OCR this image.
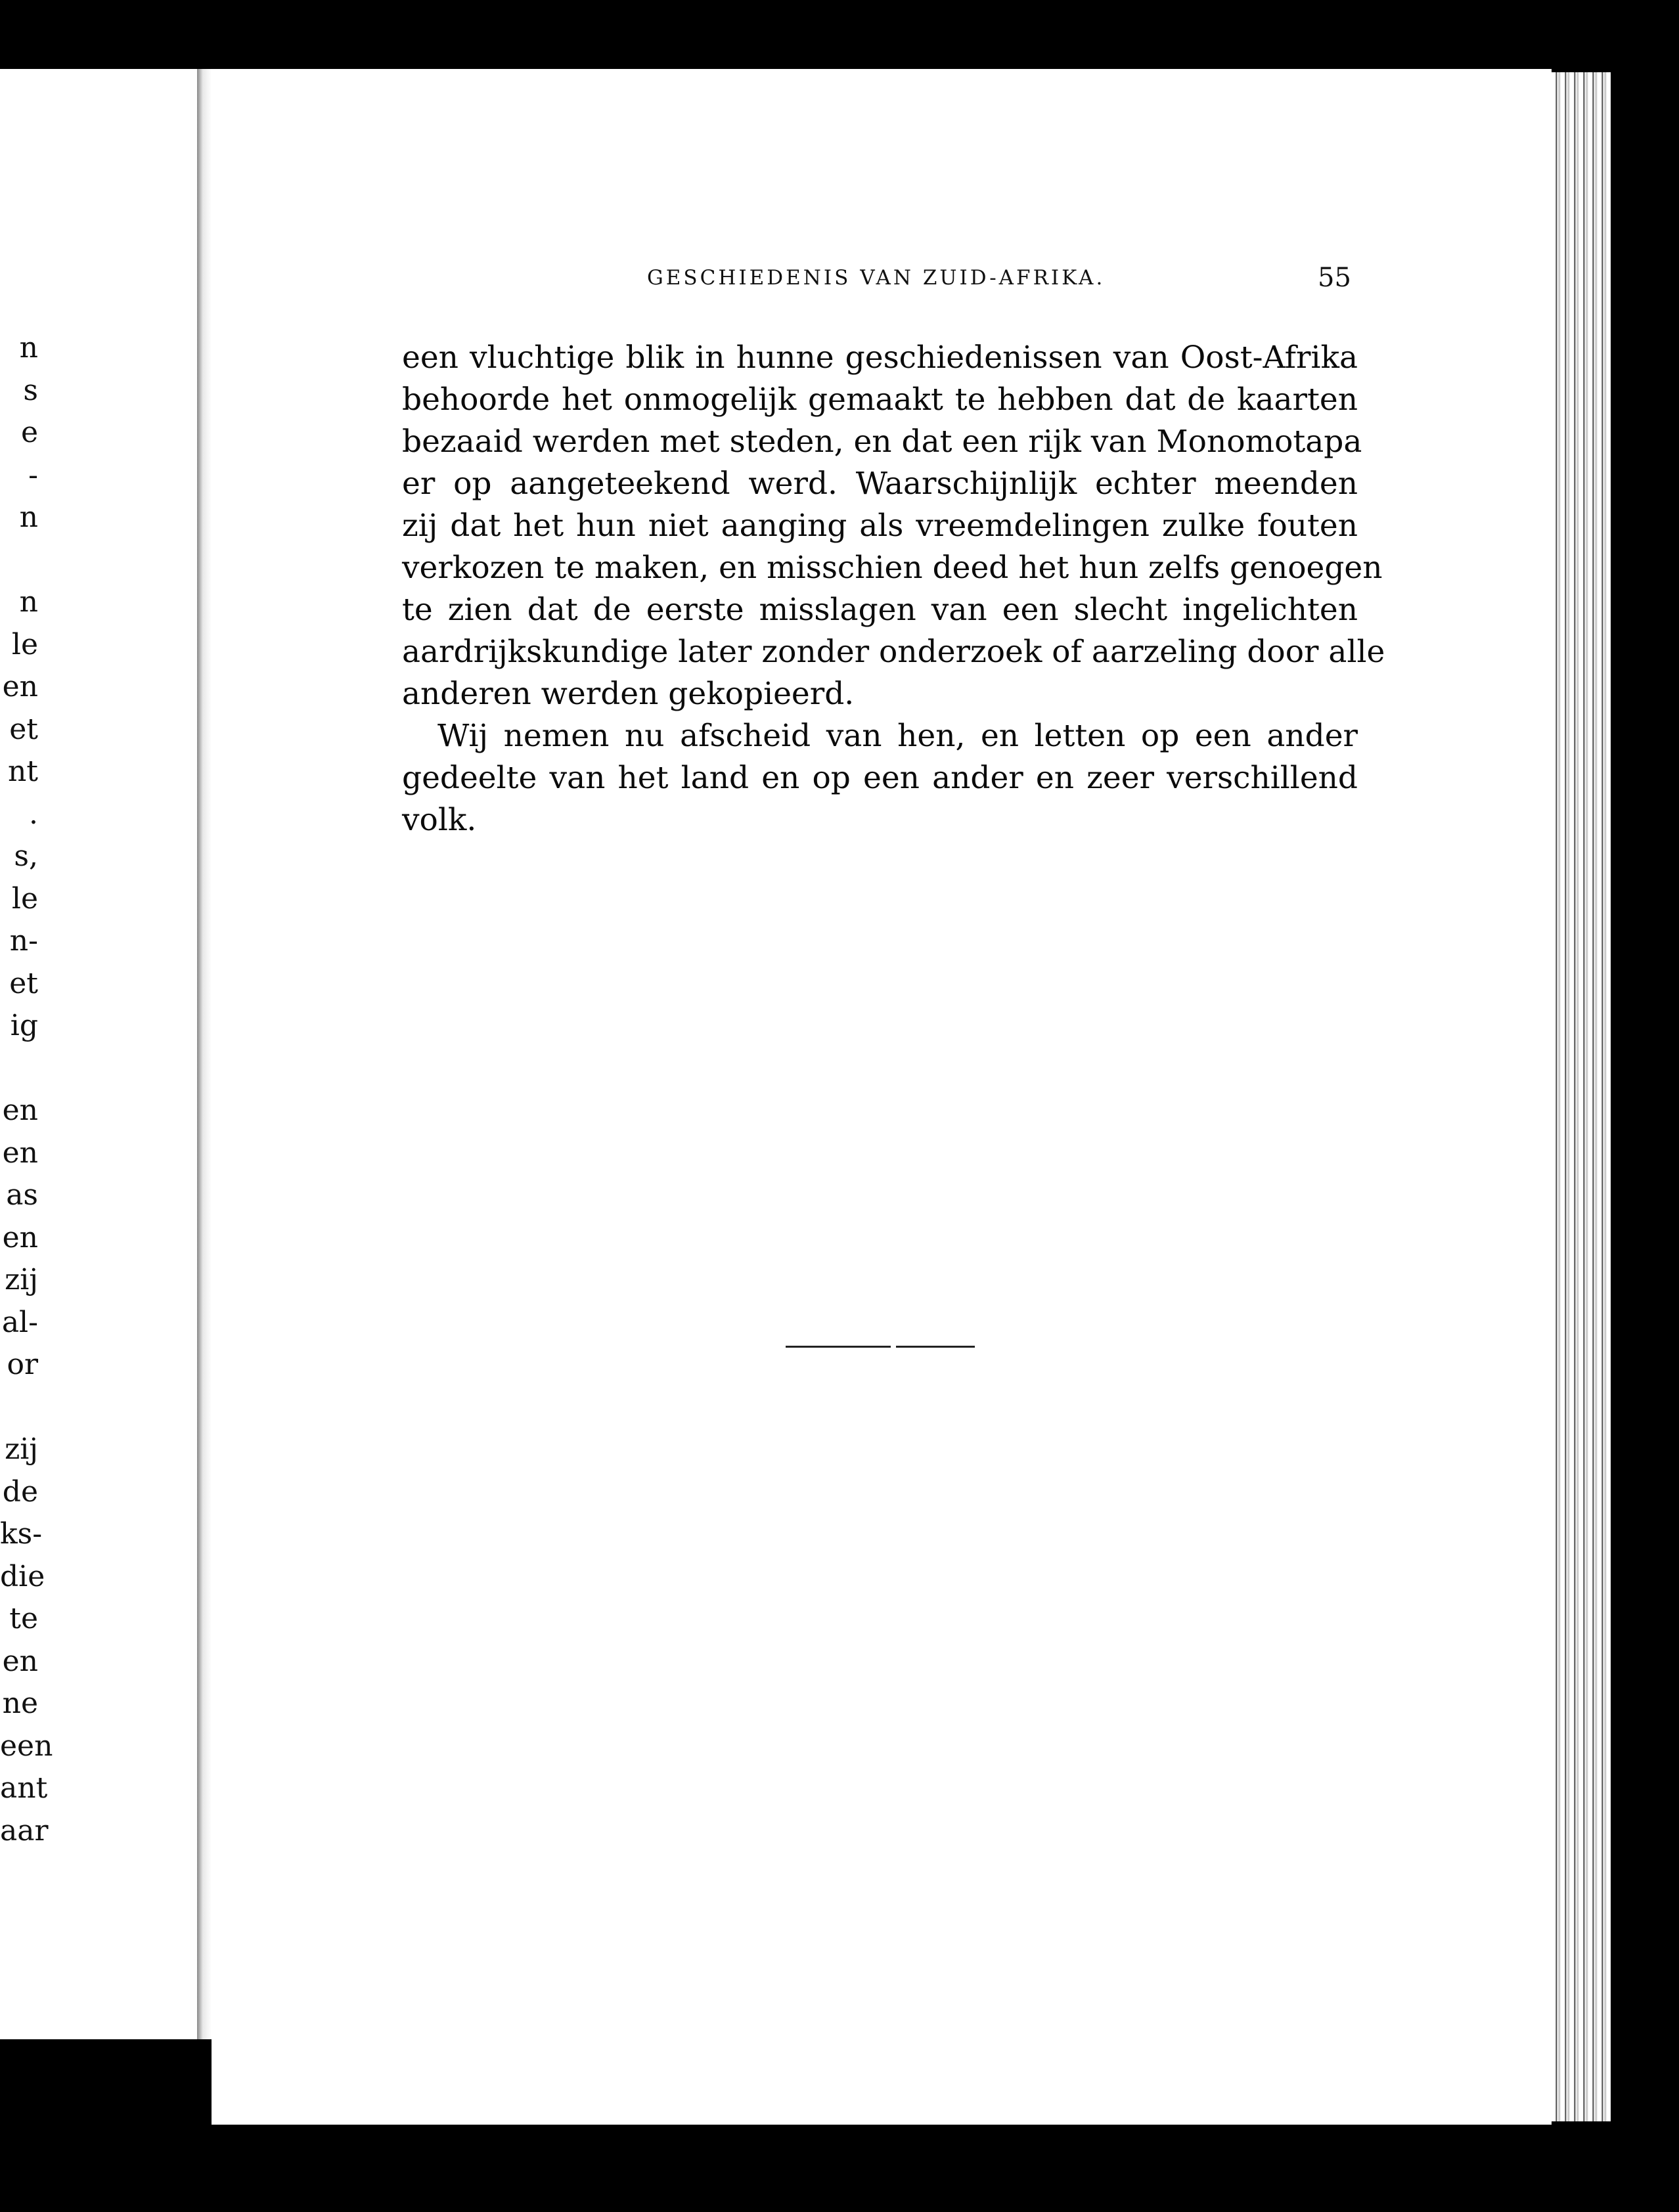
n
s
e
-
n
n
le
en
et
nt
.
s,
le
n-
et
ig
en
en
as
en
zij
al-
or
zij
de
ks-
die
te
en
ne
een
ant
aar
GESCHIEDENIS VAN ZUID-AFRIKA.	55
een vluchtige blik in hunne geschiedenissen van Oost-Afrika
behoorde het onmogelijk gemaakt te hebben dat de kaarten
bezaaid werden met steden, en dat een rijk van Monomotapa
er op aangeteekend werd. Waarschijnlijk echter meenden
zij dat het hun niet aanging als vreemdelingen zulke fouten
verkozen te maken, en misschien deed het hun zelfs genoegen
te zien dat de eerste misslagen van een slecht ingelichten
aardrijkskundige later zonder onderzoek of aarzeling door alle
anderen werden gekopieerd.
Wij nemen nu afscheid van hen, en letten op een ander
gedeelte van het land en op een ander en zeer verschillend
volk.
